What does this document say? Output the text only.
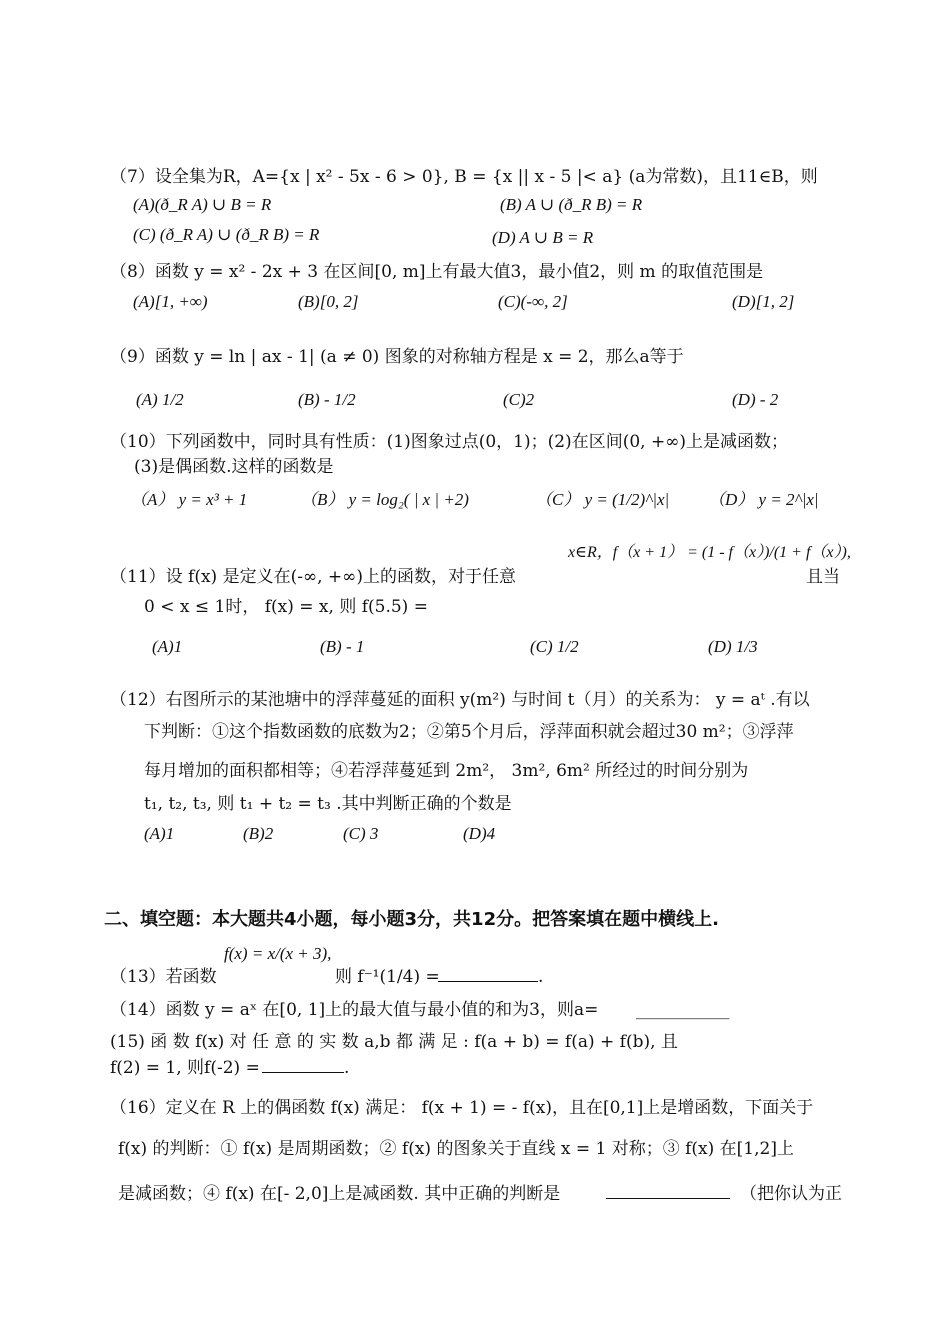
（7）设全集为R，A={x | x² - 5x - 6 > 0}, B = {x || x - 5 |< a} (a为常数)，且11∈B，则
(A)(ð_R A) ∪ B = R	(B) A ∪ (ð_R B) = R
(C) (ð_R A) ∪ (ð_R B) = R	(D) A ∪ B = R
（8）函数 y = x² - 2x + 3 在区间[0, m]上有最大值3，最小值2，则 m 的取值范围是
(A)[1, +∞)	(B)[0, 2]	(C)(-∞, 2]	(D)[1, 2]
（9）函数 y = ln | ax - 1| (a ≠ 0) 图象的对称轴方程是 x = 2，那么a等于
(A) 1/2	(B) - 1/2	(C)2	(D) - 2
（10）下列函数中，同时具有性质：(1)图象过点(0，1)；(2)在区间(0, +∞)上是减函数；
(3)是偶函数.这样的函数是
（A） y = x³ + 1	（B） y = log₂( | x | +2)	（C） y = (1/2)^|x| （D） y = 2^|x|
x∈R，f（x + 1） = (1 - f（x）)/(1 + f（x）),
（11）设 f(x) 是定义在(-∞, +∞)上的函数，对于任意	且当
0 < x ≤ 1时， f(x) = x, 则 f(5.5) =
(A)1	(B) - 1	(C) 1/2	(D) 1/3
（12）右图所示的某池塘中的浮萍蔓延的面积 y(m²) 与时间 t（月）的关系为： y = aᵗ .有以
下判断：①这个指数函数的底数为2；②第5个月后，浮萍面积就会超过30 m²；③浮萍
每月增加的面积都相等；④若浮萍蔓延到 2m²， 3m², 6m² 所经过的时间分别为
t₁, t₂, t₃, 则 t₁ + t₂ = t₃ .其中判断正确的个数是
(A)1	(B)2	(C) 3	(D)4
二、填空题：本大题共4小题，每小题3分，共12分。把答案填在题中横线上.
f(x) = x/(x + 3),
（13）若函数	则 f⁻¹(1/4) =	.
（14）函数 y = aˣ 在[0, 1]上的最大值与最小值的和为3，则a= ___________
(15) 函 数 f(x) 对 任 意 的 实 数 a,b 都 满 足 : f(a + b) = f(a) + f(b), 且
f(2) = 1, 则f(-2) =	.
（16）定义在 R 上的偶函数 f(x) 满足： f(x + 1) = - f(x)，且在[0,1]上是增函数，下面关于
f(x) 的判断：① f(x) 是周期函数；② f(x) 的图象关于直线 x = 1 对称；③ f(x) 在[1,2]上
是减函数；④ f(x) 在[- 2,0]上是减函数. 其中正确的判断是	（把你认为正
